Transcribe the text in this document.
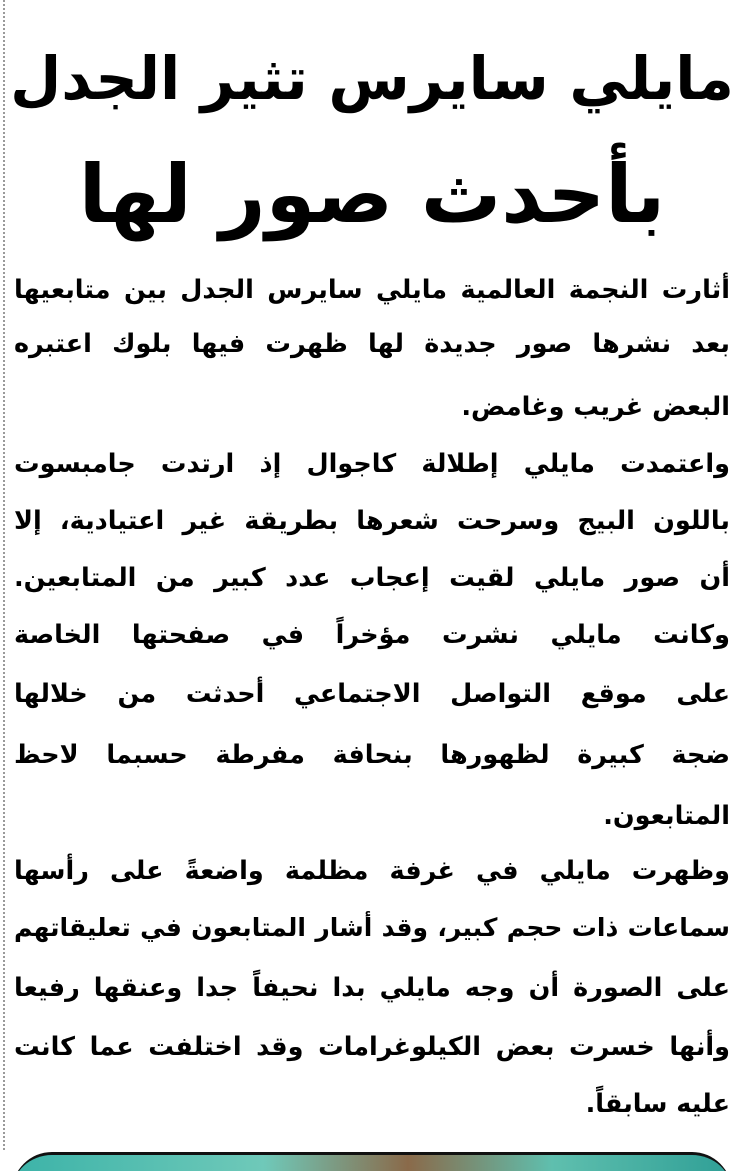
مايلي سايرس تثير الجدل
بأحدث صور لها
أثارت النجمة العالمية مايلي سايرس الجدل بين متابعيها
بعد نشرها صور جديدة لها ظهرت فيها بلوك اعتبره
البعض غريب وغامض.
واعتمدت مايلي إطلالة كاجوال إذ ارتدت جامبسوت
باللون البيج وسرحت شعرها بطريقة غير اعتيادية، إلا
أن صور مايلي لقيت إعجاب عدد كبير من المتابعين.
وكانت مايلي نشرت مؤخراً في صفحتها الخاصة
على موقع التواصل الاجتماعي أحدثت من خلالها
ضجة كبيرة لظهورها بنحافة مفرطة حسبما لاحظ
المتابعون.
وظهرت مايلي في غرفة مظلمة واضعةً على رأسها
سماعات ذات حجم كبير، وقد أشار المتابعون في تعليقاتهم
على الصورة أن وجه مايلي بدا نحيفاً جدا وعنقها رفيعا
وأنها خسرت بعض الكيلوغرامات وقد اختلفت عما كانت
عليه سابقاً.
